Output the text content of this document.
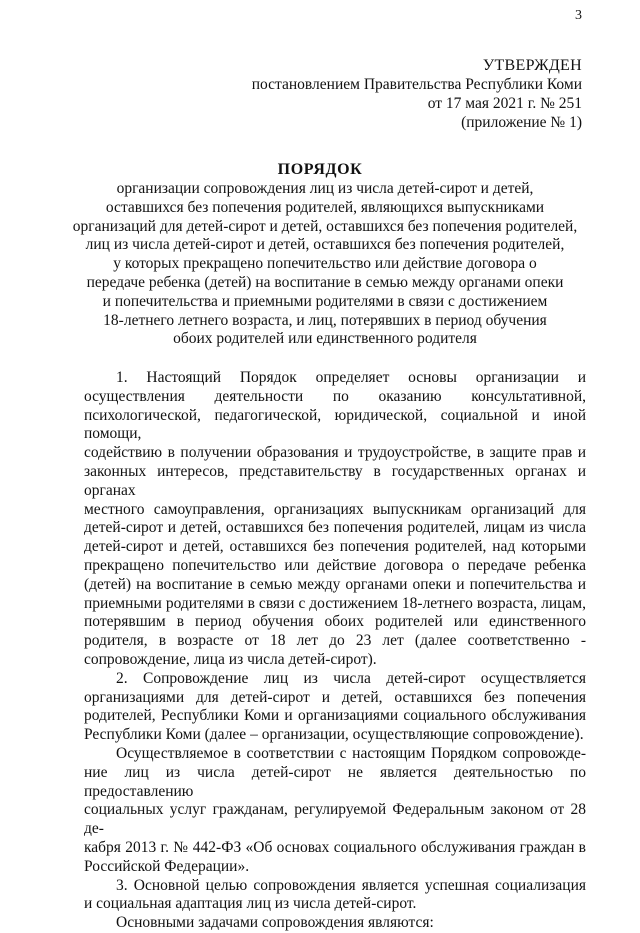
3
УТВЕРЖДЕН
постановлением Правительства Республики Коми
от 17 мая 2021 г. № 251
(приложение № 1)
ПОРЯДОК
организации сопровождения лиц из числа детей-сирот и детей,
оставшихся без попечения родителей, являющихся выпускниками
организаций для детей-сирот и детей, оставшихся без попечения родителей,
лиц из числа детей-сирот и детей, оставшихся без попечения родителей,
у которых прекращено попечительство или действие договора о
передаче ребенка (детей) на воспитание в семью между органами опеки
и попечительства и приемными родителями в связи с достижением
18-летнего летнего возраста, и лиц, потерявших в период обучения
обоих родителей или единственного родителя
1. Настоящий Порядок определяет основы организации и
осуществления деятельности по оказанию консультативной,
психологической, педагогической, юридической, социальной и иной помощи,
содействию в получении образования и трудоустройстве, в защите прав и
законных интересов, представительству в государственных органах и органах
местного самоуправления, организациях выпускникам организаций для
детей-сирот и детей, оставшихся без попечения родителей, лицам из числа
детей-сирот и детей, оставшихся без попечения родителей, над которыми
прекращено попечительство или действие договора о передаче ребенка
(детей) на воспитание в семью между органами опеки и попечительства и
приемными родителями в связи с достижением 18-летнего возраста, лицам,
потерявшим в период обучения обоих родителей или единственного
родителя, в возрасте от 18 лет до 23 лет (далее соответственно -
сопровождение, лица из числа детей-сирот).
2. Сопровождение лиц из числа детей-сирот осуществляется
организациями для детей-сирот и детей, оставшихся без попечения
родителей, Республики Коми и организациями социального обслуживания
Республики Коми (далее – организации, осуществляющие сопровождение).
Осуществляемое в соответствии с настоящим Порядком сопровожде-
ние лиц из числа детей-сирот не является деятельностью по предоставлению
социальных услуг гражданам, регулируемой Федеральным законом от 28 де-
кабря 2013 г. № 442-ФЗ «Об основах социального обслуживания граждан в
Российской Федерации».
3. Основной целью сопровождения является успешная социализация
и социальная адаптация лиц из числа детей-сирот.
Основными задачами сопровождения являются:
